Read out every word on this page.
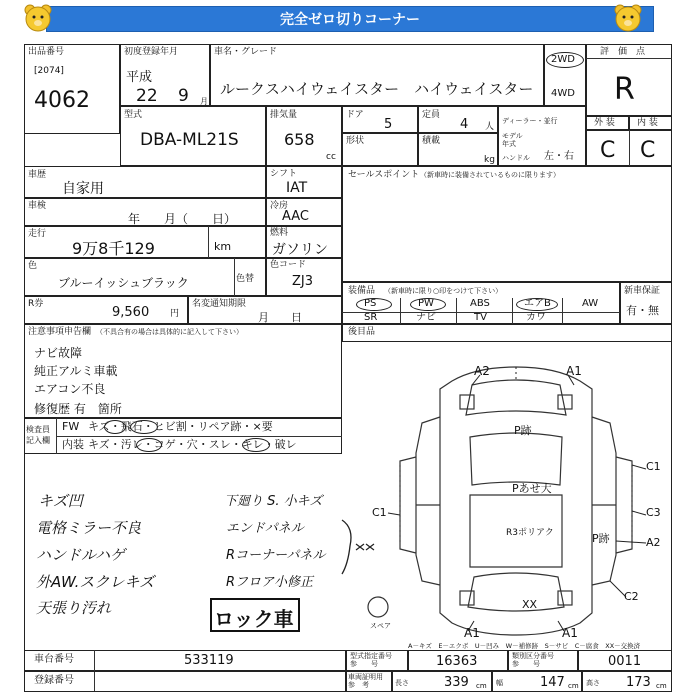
完全ゼロ切りコーナー
出品番号
[2074]
4062
初度登録年月
平成
22 9 月
車名・グレード
ルークスハイウェイスター　ハイウェイスター
2WD
4WD
評　価　点
R
外 装 内 装
C C
型式
DBA-ML21S
排気量
658
cc
ドア
5
定員
4 人
形状	積載
kg
ディーラー・並行
モデル
年式
ハンドル 左・右
車歴
自家用
車検
年　　月（　　日）
走行
9万8千129	km
色
ブルーイッシュブラック	色替
R券
9,560 円
名変通知期限
月　　日
シフト
IAT
冷房
AAC
燃料
ガソリン
色コード
ZJ3
セールスポイント （新車時に装備されているものに限ります）
装備品 （新車時に限り○印をつけて下さい）	新車保証
有・無
PS	PW	ABS	エアB	AW
SR	ナビ	TV	カワ
後目品
注意事項申告欄 （不具合有の場合は具体的に記入して下さい）
ナビ故障
純正アルミ車載
エアコン不良
修復歴 有　箇所
検査員
記入欄
FW キズ・飛石・ヒビ割・リペア跡・×要
内装 キズ・汚レ・コゲ・穴・スレ・キレ・破レ
キズ凹
電格ミラー不良
ハンドルハゲ
外AW.スクレキズ
天張り汚れ
下廻り S. 小キズ
エンドパネル
Rコーナーパネル
Rフロア小修正
ロック車
A2	A1
P跡
Pあせ大
C1
C3
A2
C2
C1
R3ポリアク	P跡
XX
A1	A1
スペア
A－キズ　E－エクボ　U－凹み　W－補修跡　S－サビ　C－腐食　XX－交換済
車台番号	533119
登録番号
型式指定番号
参　　号	16363	類別区分番号
参　　号	0011
車両証明用
参　考	長さ	339 cm 幅	147 cm 高さ 173 cm
